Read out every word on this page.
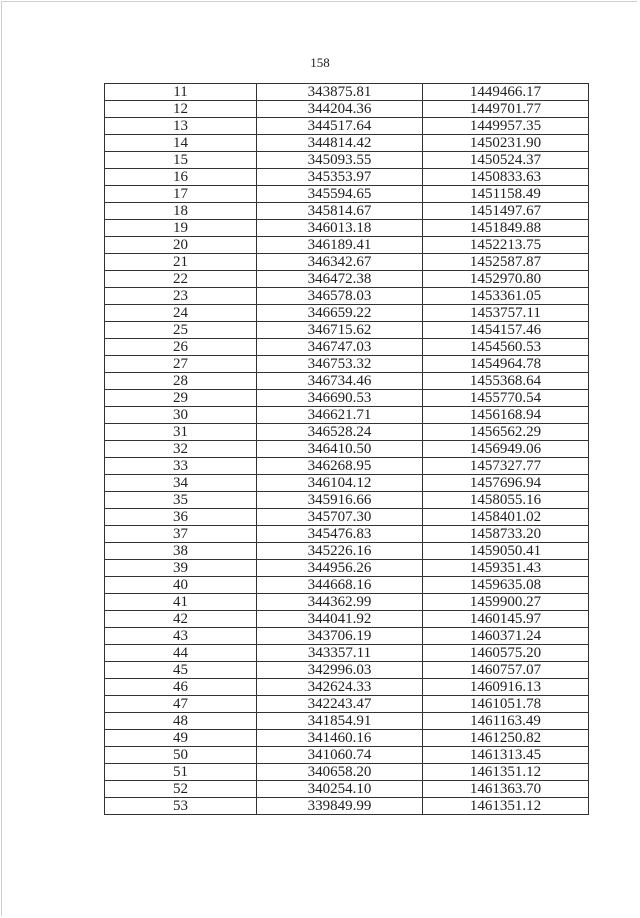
158
11	343875.81	1449466.17
12	344204.36	1449701.77
13	344517.64	1449957.35
14	344814.42	1450231.90
15	345093.55	1450524.37
16	345353.97	1450833.63
17	345594.65	1451158.49
18	345814.67	1451497.67
19	346013.18	1451849.88
20	346189.41	1452213.75
21	346342.67	1452587.87
22	346472.38	1452970.80
23	346578.03	1453361.05
24	346659.22	1453757.11
25	346715.62	1454157.46
26	346747.03	1454560.53
27	346753.32	1454964.78
28	346734.46	1455368.64
29	346690.53	1455770.54
30	346621.71	1456168.94
31	346528.24	1456562.29
32	346410.50	1456949.06
33	346268.95	1457327.77
34	346104.12	1457696.94
35	345916.66	1458055.16
36	345707.30	1458401.02
37	345476.83	1458733.20
38	345226.16	1459050.41
39	344956.26	1459351.43
40	344668.16	1459635.08
41	344362.99	1459900.27
42	344041.92	1460145.97
43	343706.19	1460371.24
44	343357.11	1460575.20
45	342996.03	1460757.07
46	342624.33	1460916.13
47	342243.47	1461051.78
48	341854.91	1461163.49
49	341460.16	1461250.82
50	341060.74	1461313.45
51	340658.20	1461351.12
52	340254.10	1461363.70
53	339849.99	1461351.12
